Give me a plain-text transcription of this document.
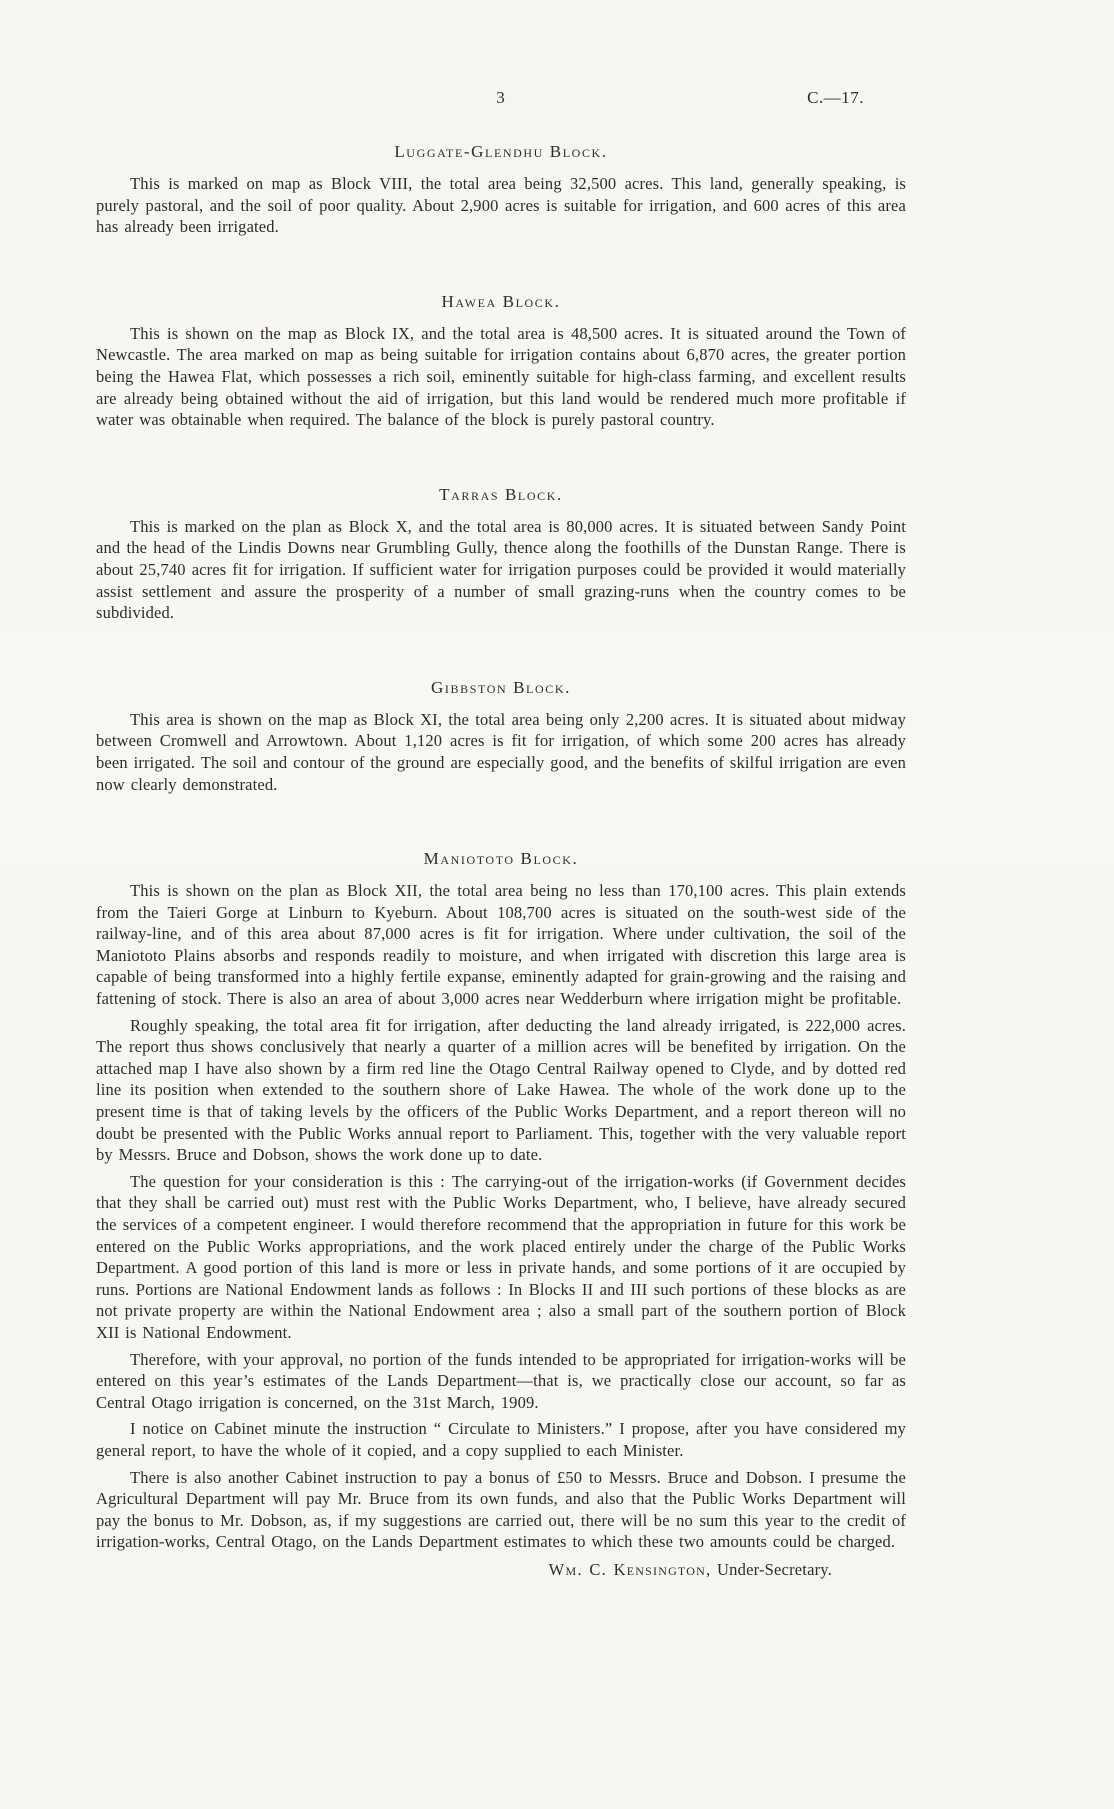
3	C.—17.
Luggate-Glendhu Block.

This is marked on map as Block VIII, the total area being 32,500 acres. This land, generally speaking, is purely pastoral, and the soil of poor quality. About 2,900 acres is suitable for irrigation, and 600 acres of this area has already been irrigated.

Hawea Block.

This is shown on the map as Block IX, and the total area is 48,500 acres. It is situated around the Town of Newcastle. The area marked on map as being suitable for irrigation contains about 6,870 acres, the greater portion being the Hawea Flat, which possesses a rich soil, eminently suitable for high-class farming, and excellent results are already being obtained without the aid of irrigation, but this land would be rendered much more profitable if water was obtainable when required. The balance of the block is purely pastoral country.

Tarras Block.

This is marked on the plan as Block X, and the total area is 80,000 acres. It is situated between Sandy Point and the head of the Lindis Downs near Grumbling Gully, thence along the foothills of the Dunstan Range. There is about 25,740 acres fit for irrigation. If sufficient water for irrigation purposes could be provided it would materially assist settlement and assure the prosperity of a number of small grazing-runs when the country comes to be subdivided.

Gibbston Block.

This area is shown on the map as Block XI, the total area being only 2,200 acres. It is situated about midway between Cromwell and Arrowtown. About 1,120 acres is fit for irrigation, of which some 200 acres has already been irrigated. The soil and contour of the ground are especially good, and the benefits of skilful irrigation are even now clearly demonstrated.

Maniototo Block.

This is shown on the plan as Block XII, the total area being no less than 170,100 acres. This plain extends from the Taieri Gorge at Linburn to Kyeburn. About 108,700 acres is situated on the south-west side of the railway-line, and of this area about 87,000 acres is fit for irrigation. Where under cultivation, the soil of the Maniototo Plains absorbs and responds readily to moisture, and when irrigated with discretion this large area is capable of being transformed into a highly fertile expanse, eminently adapted for grain-growing and the raising and fattening of stock. There is also an area of about 3,000 acres near Wedderburn where irrigation might be profitable.

Roughly speaking, the total area fit for irrigation, after deducting the land already irrigated, is 222,000 acres. The report thus shows conclusively that nearly a quarter of a million acres will be benefited by irrigation. On the attached map I have also shown by a firm red line the Otago Central Railway opened to Clyde, and by dotted red line its position when extended to the southern shore of Lake Hawea. The whole of the work done up to the present time is that of taking levels by the officers of the Public Works Department, and a report thereon will no doubt be presented with the Public Works annual report to Parliament. This, together with the very valuable report by Messrs. Bruce and Dobson, shows the work done up to date.

The question for your consideration is this : The carrying-out of the irrigation-works (if Government decides that they shall be carried out) must rest with the Public Works Department, who, I believe, have already secured the services of a competent engineer. I would therefore recommend that the appropriation in future for this work be entered on the Public Works appropriations, and the work placed entirely under the charge of the Public Works Department. A good portion of this land is more or less in private hands, and some portions of it are occupied by runs. Portions are National Endowment lands as follows : In Blocks II and III such portions of these blocks as are not private property are within the National Endowment area ; also a small part of the southern portion of Block XII is National Endowment.

Therefore, with your approval, no portion of the funds intended to be appropriated for irrigation-works will be entered on this year’s estimates of the Lands Department—that is, we practically close our account, so far as Central Otago irrigation is concerned, on the 31st March, 1909.

I notice on Cabinet minute the instruction “ Circulate to Ministers.” I propose, after you have considered my general report, to have the whole of it copied, and a copy supplied to each Minister.

There is also another Cabinet instruction to pay a bonus of £50 to Messrs. Bruce and Dobson. I presume the Agricultural Department will pay Mr. Bruce from its own funds, and also that the Public Works Department will pay the bonus to Mr. Dobson, as, if my suggestions are carried out, there will be no sum this year to the credit of irrigation-works, Central Otago, on the Lands Department estimates to which these two amounts could be charged.

Wm. C. Kensington, Under-Secretary.
